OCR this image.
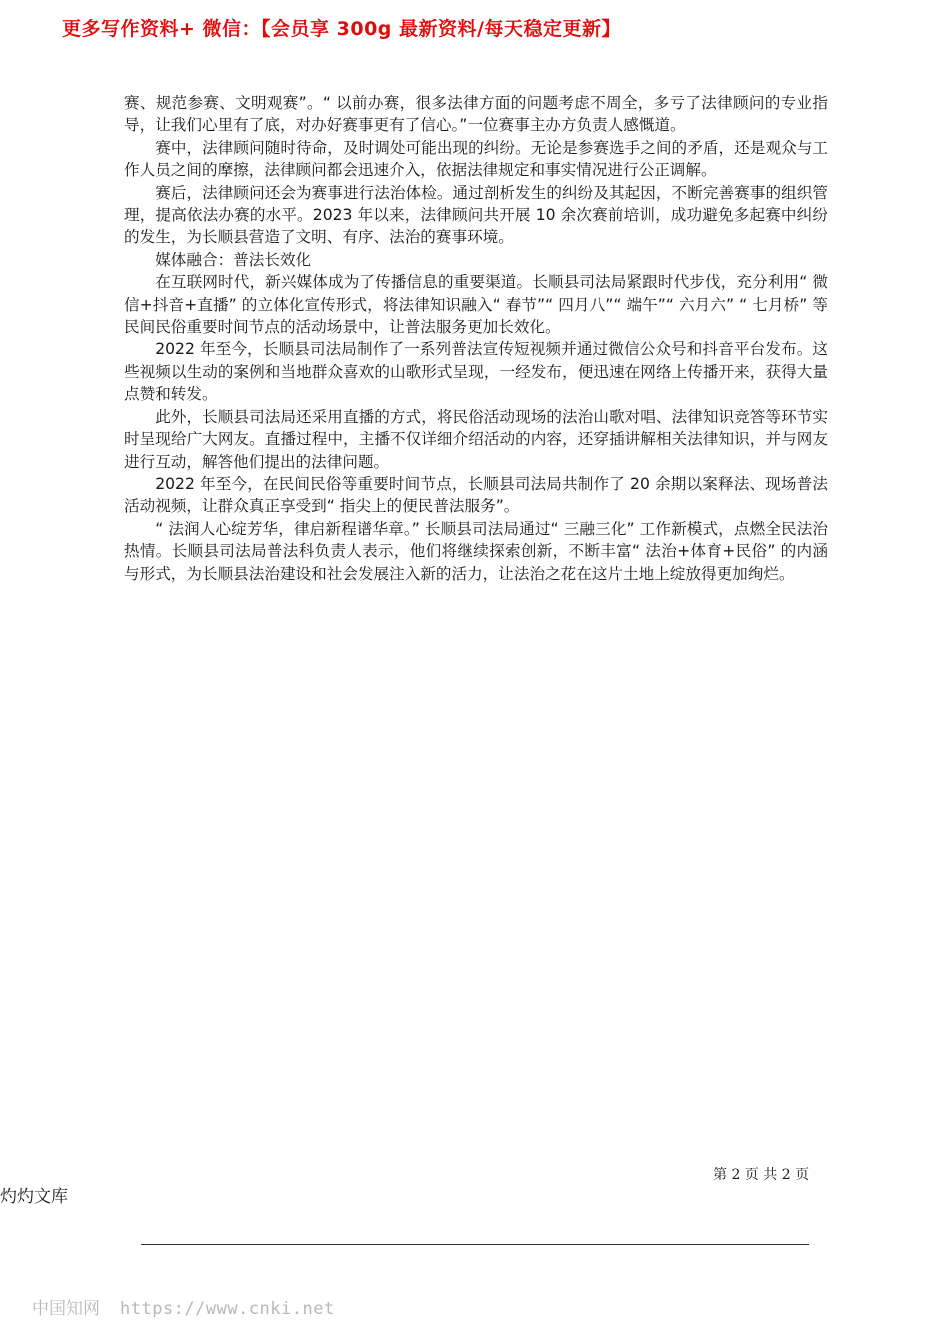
更多写作资料+ 微信：【会员享 300g 最新资料/每天稳定更新】

赛、规范参赛、文明观赛”。“ 以前办赛，很多法律方面的问题考虑不周全，多亏了法律顾问的专业指导，让我们心里有了底，对办好赛事更有了信心。”一位赛事主办方负责人感慨道。

赛中，法律顾问随时待命，及时调处可能出现的纠纷。无论是参赛选手之间的矛盾，还是观众与工作人员之间的摩擦，法律顾问都会迅速介入，依据法律规定和事实情况进行公正调解。

赛后，法律顾问还会为赛事进行法治体检。通过剖析发生的纠纷及其起因，不断完善赛事的组织管理，提高依法办赛的水平。2023 年以来，法律顾问共开展 10 余次赛前培训，成功避免多起赛中纠纷的发生，为长顺县营造了文明、有序、法治的赛事环境。

媒体融合：普法长效化

在互联网时代，新兴媒体成为了传播信息的重要渠道。长顺县司法局紧跟时代步伐，充分利用“ 微信+抖音+直播” 的立体化宣传形式，将法律知识融入“ 春节”“ 四月八”“ 端午”“ 六月六” “ 七月桥” 等民间民俗重要时间节点的活动场景中，让普法服务更加长效化。

2022 年至今，长顺县司法局制作了一系列普法宣传短视频并通过微信公众号和抖音平台发布。这些视频以生动的案例和当地群众喜欢的山歌形式呈现，一经发布，便迅速在网络上传播开来，获得大量点赞和转发。

此外，长顺县司法局还采用直播的方式，将民俗活动现场的法治山歌对唱、法律知识竞答等环节实时呈现给广大网友。直播过程中，主播不仅详细介绍活动的内容，还穿插讲解相关法律知识，并与网友进行互动，解答他们提出的法律问题。

2022 年至今，在民间民俗等重要时间节点，长顺县司法局共制作了 20 余期以案释法、现场普法活动视频，让群众真正享受到“ 指尖上的便民普法服务”。

“ 法润人心绽芳华，律启新程谱华章。” 长顺县司法局通过“ 三融三化” 工作新模式，点燃全民法治热情。长顺县司法局普法科负责人表示，他们将继续探索创新，不断丰富“ 法治+体育+民俗” 的内涵与形式，为长顺县法治建设和社会发展注入新的活力，让法治之花在这片土地上绽放得更加绚烂。

第 2 页 共 2 页
灼灼文库
中国知网 https://www.cnki.net
